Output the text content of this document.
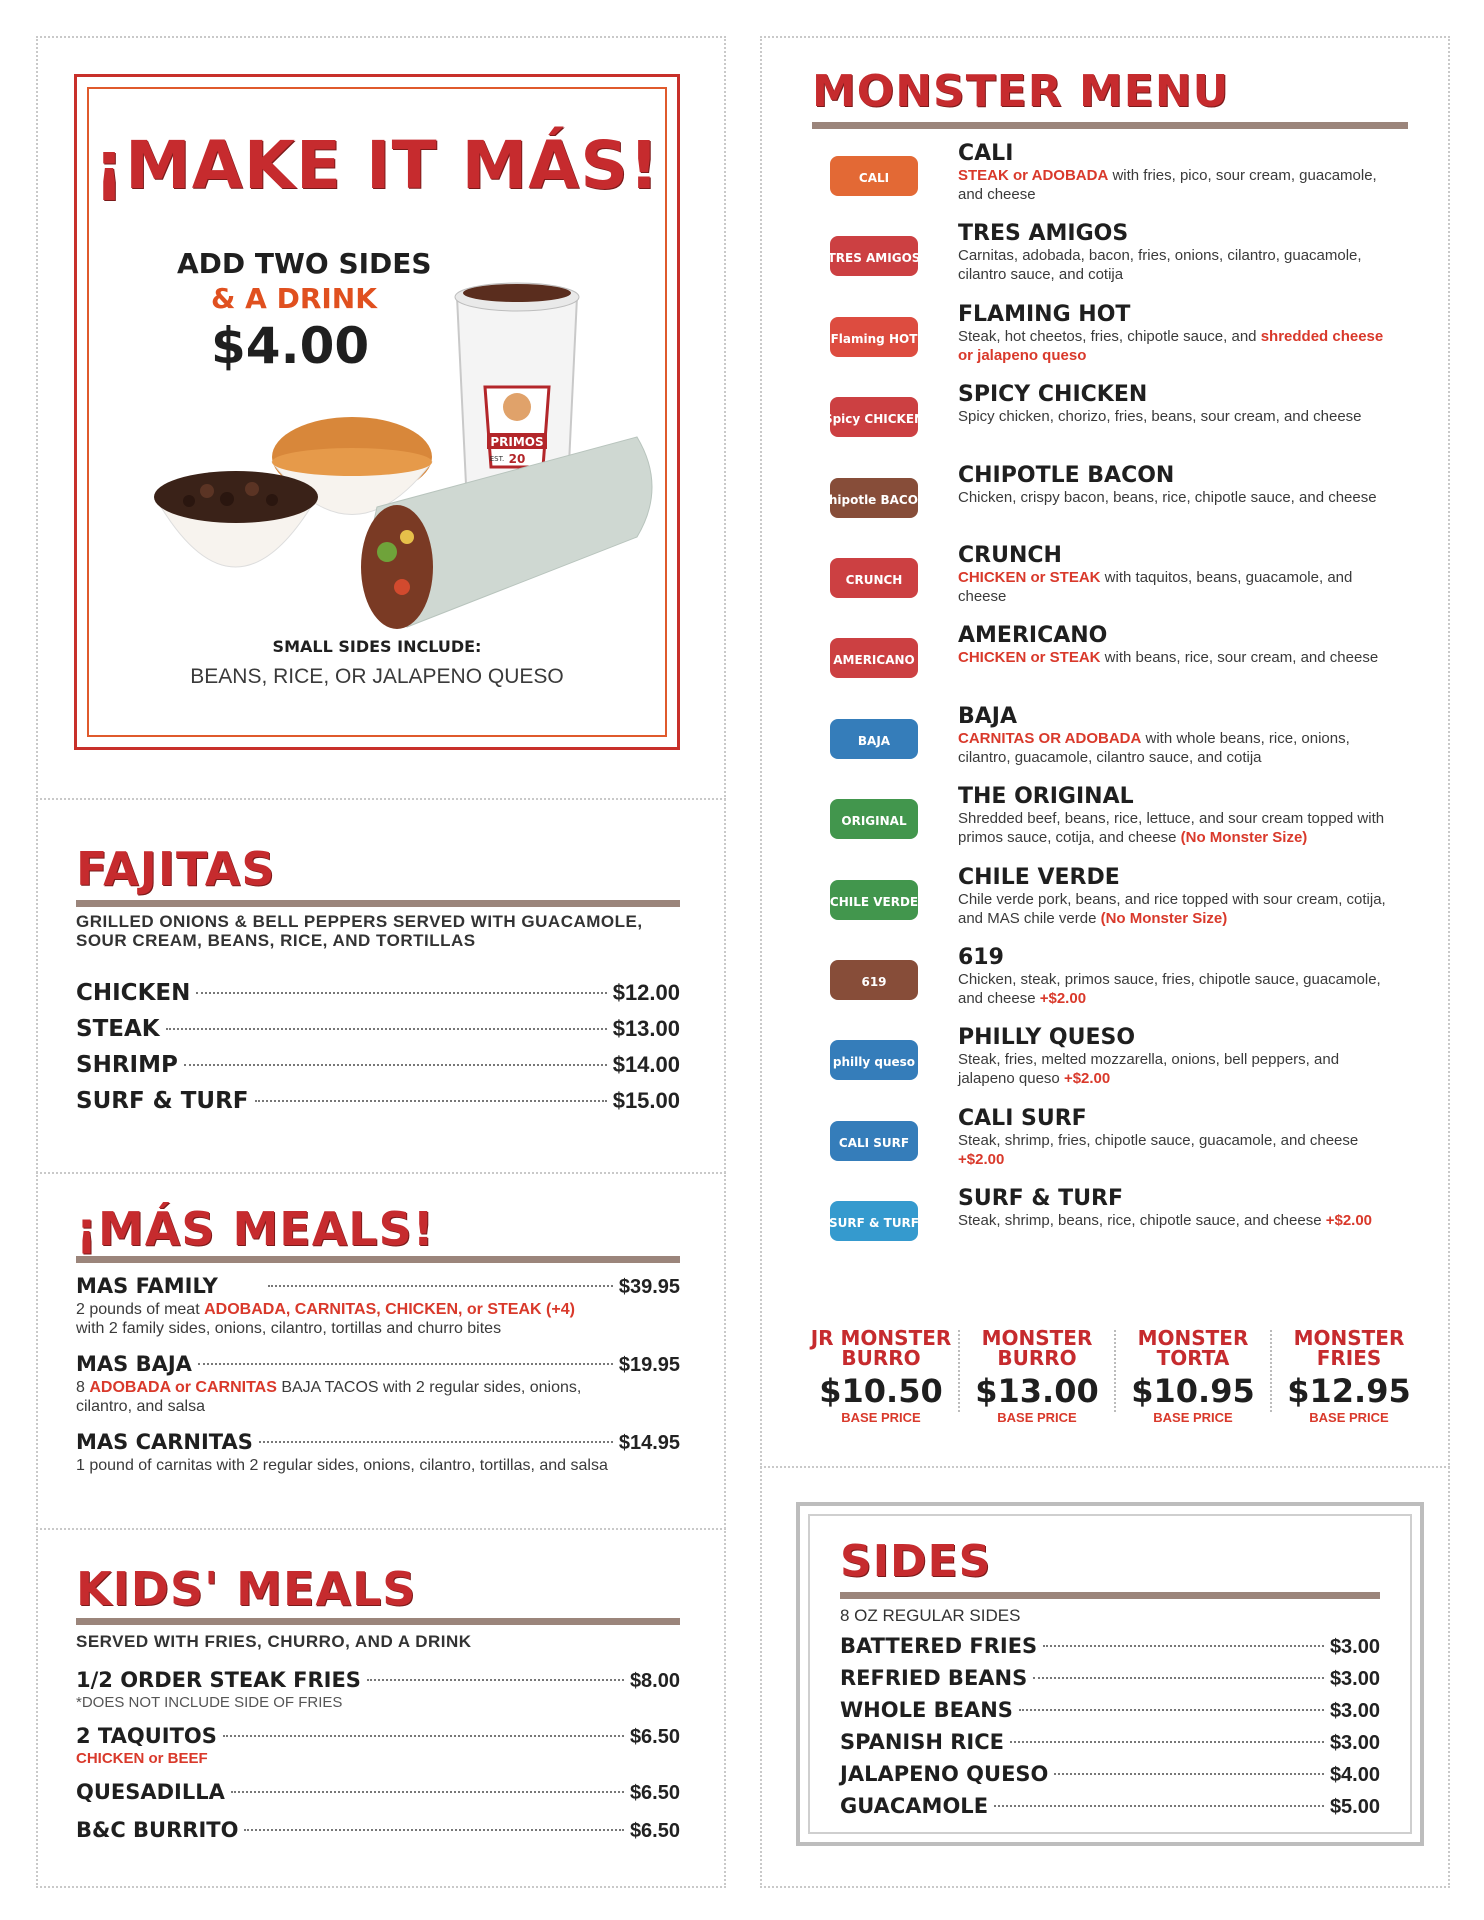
¡MAKE IT MÁS!
ADD TWO SIDES
& A DRINK
$4.00
PRIMOS
20
EST.
SMALL SIDES INCLUDE:
BEANS, RICE, OR JALAPENO QUESO
FAJITAS
GRILLED ONIONS & BELL PEPPERS SERVED WITH GUACAMOLE, SOUR CREAM, BEANS, RICE, AND TORTILLAS
CHICKEN	$12.00
STEAK	$13.00
SHRIMP	$14.00
SURF & TURF	$15.00
¡MÁS MEALS!
MAS FAMILY	$39.95
2 pounds of meat ADOBADA, CARNITAS, CHICKEN, or STEAK (+4)
with 2 family sides, onions, cilantro, tortillas and churro bites
MAS BAJA	$19.95
8 ADOBADA or CARNITAS BAJA TACOS with 2 regular sides, onions, cilantro, and salsa
MAS CARNITAS	$14.95
1 pound of carnitas with 2 regular sides, onions, cilantro, tortillas, and salsa
KIDS' MEALS
SERVED WITH FRIES, CHURRO, AND A DRINK
1/2 ORDER STEAK FRIES	$8.00
*DOES NOT INCLUDE SIDE OF FRIES
2 TAQUITOS	$6.50
CHICKEN or BEEF
QUESADILLA	$6.50
B&C BURRITO	$6.50
MONSTER MENU
CALI
CALI
STEAK or ADOBADA with fries, pico, sour cream, guacamole, and cheese
TRES AMIGOS
TRES AMIGOS
Carnitas, adobada, bacon, fries, onions, cilantro, guacamole, cilantro sauce, and cotija
Flaming HOT
FLAMING HOT
Steak, hot cheetos, fries, chipotle sauce, and shredded cheese or jalapeno queso
Spicy CHICKEN
SPICY CHICKEN
Spicy chicken, chorizo, fries, beans, sour cream, and cheese
Chipotle BACON
CHIPOTLE BACON
Chicken, crispy bacon, beans, rice, chipotle sauce, and cheese
CRUNCH
CRUNCH
CHICKEN or STEAK with taquitos, beans, guacamole, and cheese
AMERICANO
AMERICANO
CHICKEN or STEAK with beans, rice, sour cream, and cheese
BAJA
BAJA
CARNITAS OR ADOBADA with whole beans, rice, onions, cilantro, guacamole, cilantro sauce, and cotija
ORIGINAL
THE ORIGINAL
Shredded beef, beans, rice, lettuce, and sour cream topped with primos sauce, cotija, and cheese (No Monster Size)
CHILE VERDE
CHILE VERDE
Chile verde pork, beans, and rice topped with sour cream, cotija, and MAS chile verde (No Monster Size)
619
619
Chicken, steak, primos sauce, fries, chipotle sauce, guacamole, and cheese +$2.00
philly queso
PHILLY QUESO
Steak, fries, melted mozzarella, onions, bell peppers, and jalapeno queso +$2.00
CALI SURF
CALI SURF
Steak, shrimp, fries, chipotle sauce, guacamole, and cheese +$2.00
SURF & TURF
SURF & TURF
Steak, shrimp, beans, rice, chipotle sauce, and cheese +$2.00
JR MONSTER BURRO
$10.50
BASE PRICE
MONSTER BURRO
$13.00
BASE PRICE
MONSTER TORTA
$10.95
BASE PRICE
MONSTER FRIES
$12.95
BASE PRICE
SIDES
8 OZ REGULAR SIDES
BATTERED FRIES	$3.00
REFRIED BEANS	$3.00
WHOLE BEANS	$3.00
SPANISH RICE	$3.00
JALAPENO QUESO	$4.00
GUACAMOLE	$5.00
